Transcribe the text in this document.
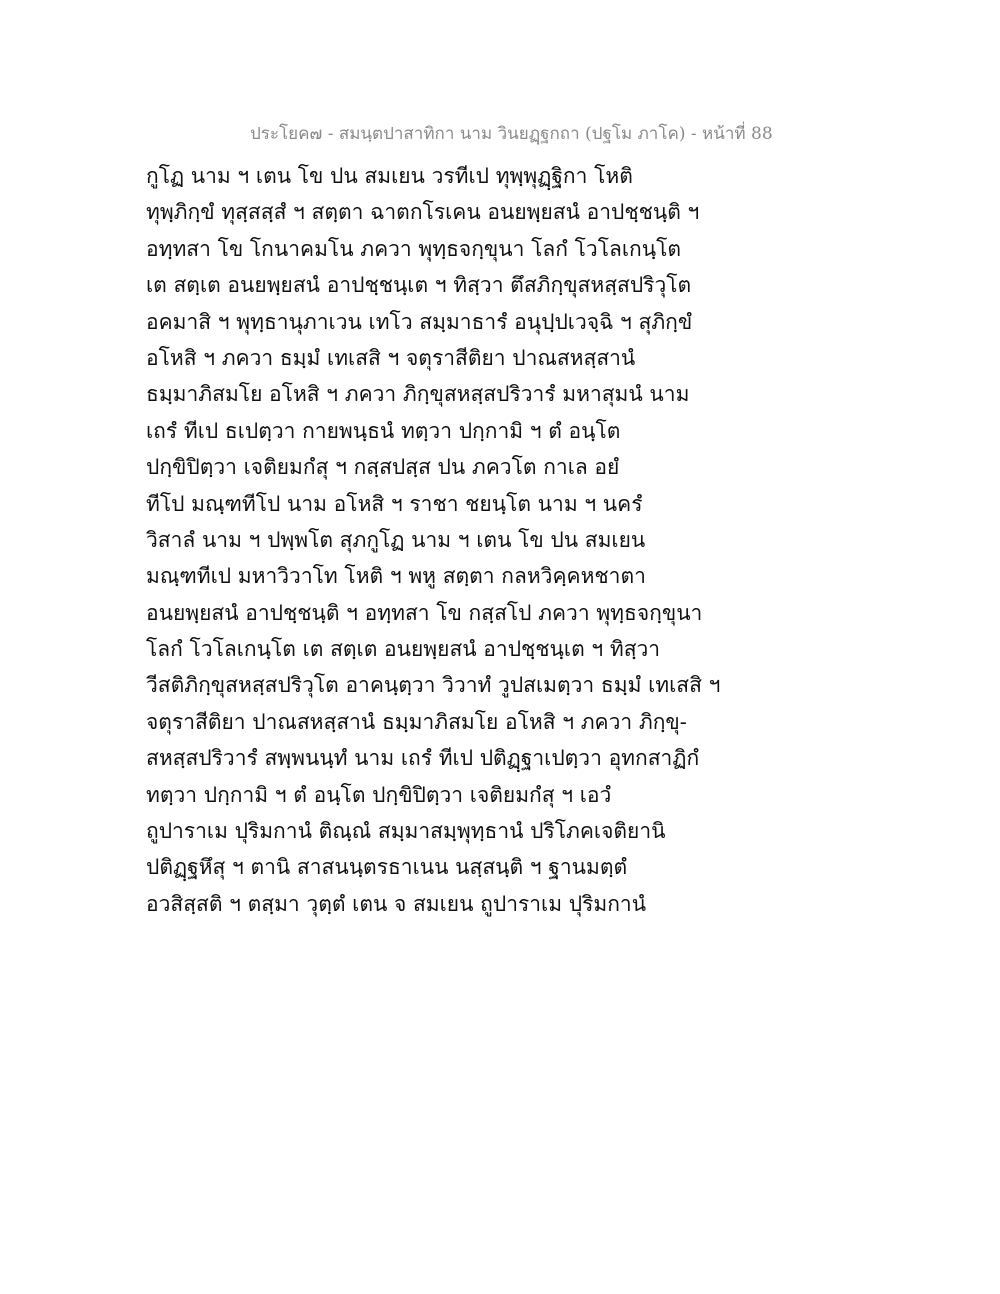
ประโยค๗ - สมนฺตปาสาทิกา นาม วินยฏฺฐกถา (ปฐโม ภาโค) - หน้าที่ 88
กูโฏ นาม ฯ เตน โข ปน สมเยน วรทีเป ทุพฺพุฏฺฐิกา โหติ
ทุพฺภิกฺขํ ทุสฺสสฺสํ ฯ สตฺตา ฉาตกโรเคน อนยพฺยสนํ อาปชฺชนฺติ ฯ
อทฺทสา โข โกนาคมโน ภควา พุทฺธจกฺขุนา โลกํ โวโลเกนฺโต
เต สตฺเต อนยพฺยสนํ อาปชฺชนฺเต ฯ ทิสฺวา ตึสภิกฺขุสหสฺสปริวุโต
อคมาสิ ฯ พุทฺธานุภาเวน เทโว สมฺมาธารํ อนุปฺปเวจฺฉิ ฯ สุภิกฺขํ
อโหสิ ฯ ภควา ธมฺมํ เทเสสิ ฯ จตุราสีติยา ปาณสหสฺสานํ
ธมฺมาภิสมโย อโหสิ ฯ ภควา ภิกฺขุสหสฺสปริวารํ มหาสุมนํ นาม
เถรํ ทีเป ธเปตฺวา กายพนฺธนํ ทตฺวา ปกฺกามิ ฯ ตํ อนฺโต
ปกฺขิปิตฺวา เจติยมกํสุ ฯ กสฺสปสฺส ปน ภควโต กาเล อยํ
ทีโป มณฺฑทีโป นาม อโหสิ ฯ ราชา ชยนฺโต นาม ฯ นครํ
วิสาลํ นาม ฯ ปพฺพโต สุภกูโฏ นาม ฯ เตน โข ปน สมเยน
มณฺฑทีเป มหาวิวาโท โหติ ฯ พหู สตฺตา กลหวิคฺคหชาตา
อนยพฺยสนํ อาปชฺชนฺติ ฯ อทฺทสา โข กสฺสโป ภควา พุทฺธจกฺขุนา
โลกํ โวโลเกนฺโต เต สตฺเต อนยพฺยสนํ อาปชฺชนฺเต ฯ ทิสฺวา
วีสติภิกฺขุสหสฺสปริวุโต อาคนฺตฺวา วิวาทํ วูปสเมตฺวา ธมฺมํ เทเสสิ ฯ
จตุราสีติยา ปาณสหสฺสานํ ธมฺมาภิสมโย อโหสิ ฯ ภควา ภิกฺขุ-
สหสฺสปริวารํ สพฺพนนฺทํ นาม เถรํ ทีเป ปติฏฺฐาเปตฺวา อุทกสาฏิกํ
ทตฺวา ปกฺกามิ ฯ ตํ อนฺโต ปกฺขิปิตฺวา เจติยมกํสุ ฯ เอวํ
ถูปาราเม ปุริมกานํ ติณฺณํ สมฺมาสมฺพุทฺธานํ ปริโภคเจติยานิ
ปติฏฺฐหึสุ ฯ ตานิ สาสนนฺตรธาเนน นสฺสนฺติ ฯ ฐานมตฺตํ
อวสิสฺสติ ฯ ตสฺมา วุตฺตํ เตน จ สมเยน ถูปาราเม ปุริมกานํ
